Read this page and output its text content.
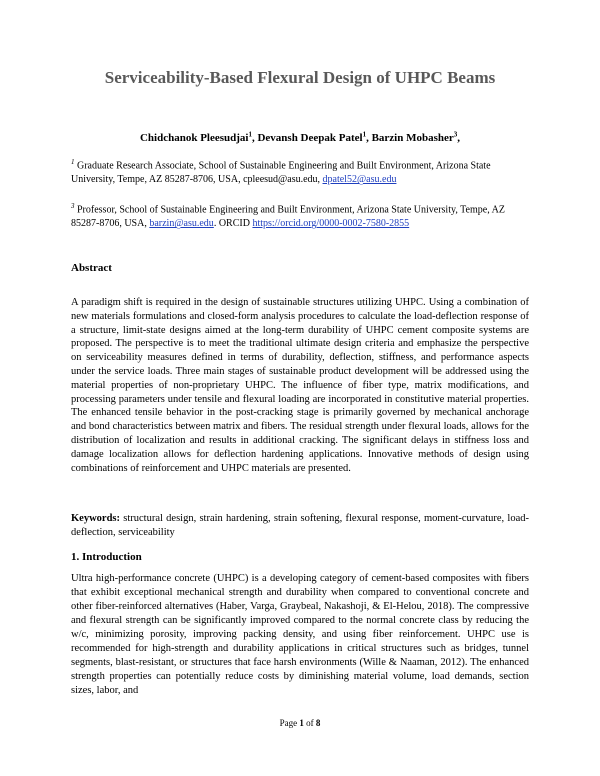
Serviceability-Based Flexural Design of UHPC Beams
Chidchanok Pleesudjai$^1$, Devansh Deepak Patel$^1$, Barzin Mobasher$^3$,

$^1$ Graduate Research Associate, School of Sustainable Engineering and Built Environment, Arizona State University, Tempe, AZ 85287-8706, USA, cpleesud@asu.edu, dpatel52@asu.edu

$^3$ Professor, School of Sustainable Engineering and Built Environment, Arizona State University, Tempe, AZ 85287-8706, USA, barzin@asu.edu. ORCID https://orcid.org/0000-0002-7580-2855

Abstract

A paradigm shift is required in the design of sustainable structures utilizing UHPC. Using a combination of new materials formulations and closed-form analysis procedures to calculate the load-deflection response of a structure, limit-state designs aimed at the long-term durability of UHPC cement composite systems are proposed. The perspective is to meet the traditional ultimate design criteria and emphasize the perspective on serviceability measures defined in terms of durability, deflection, stiffness, and performance aspects under the service loads. Three main stages of sustainable product development will be addressed using the material properties of non-proprietary UHPC. The influence of fiber type, matrix modifications, and processing parameters under tensile and flexural loading are incorporated in constitutive material properties. The enhanced tensile behavior in the post-cracking stage is primarily governed by mechanical anchorage and bond characteristics between matrix and fibers. The residual strength under flexural loads, allows for the distribution of localization and results in additional cracking. The significant delays in stiffness loss and damage localization allows for deflection hardening applications. Innovative methods of design using combinations of reinforcement and UHPC materials are presented.

Keywords: structural design, strain hardening, strain softening, flexural response, moment-curvature, load-deflection, serviceability

1. Introduction

Ultra high-performance concrete (UHPC) is a developing category of cement-based composites with fibers that exhibit exceptional mechanical strength and durability when compared to conventional concrete and other fiber-reinforced alternatives (Haber, Varga, Graybeal, Nakashoji, & El-Helou, 2018). The compressive and flexural strength can be significantly improved compared to the normal concrete class by reducing the w/c, minimizing porosity, improving packing density, and using fiber reinforcement. UHPC use is recommended for high-strength and durability applications in critical structures such as bridges, tunnel segments, blast-resistant, or structures that face harsh environments (Wille & Naaman, 2012). The enhanced strength properties can potentially reduce costs by diminishing material volume, load demands, section sizes, labor, and

Page 1 of 8
